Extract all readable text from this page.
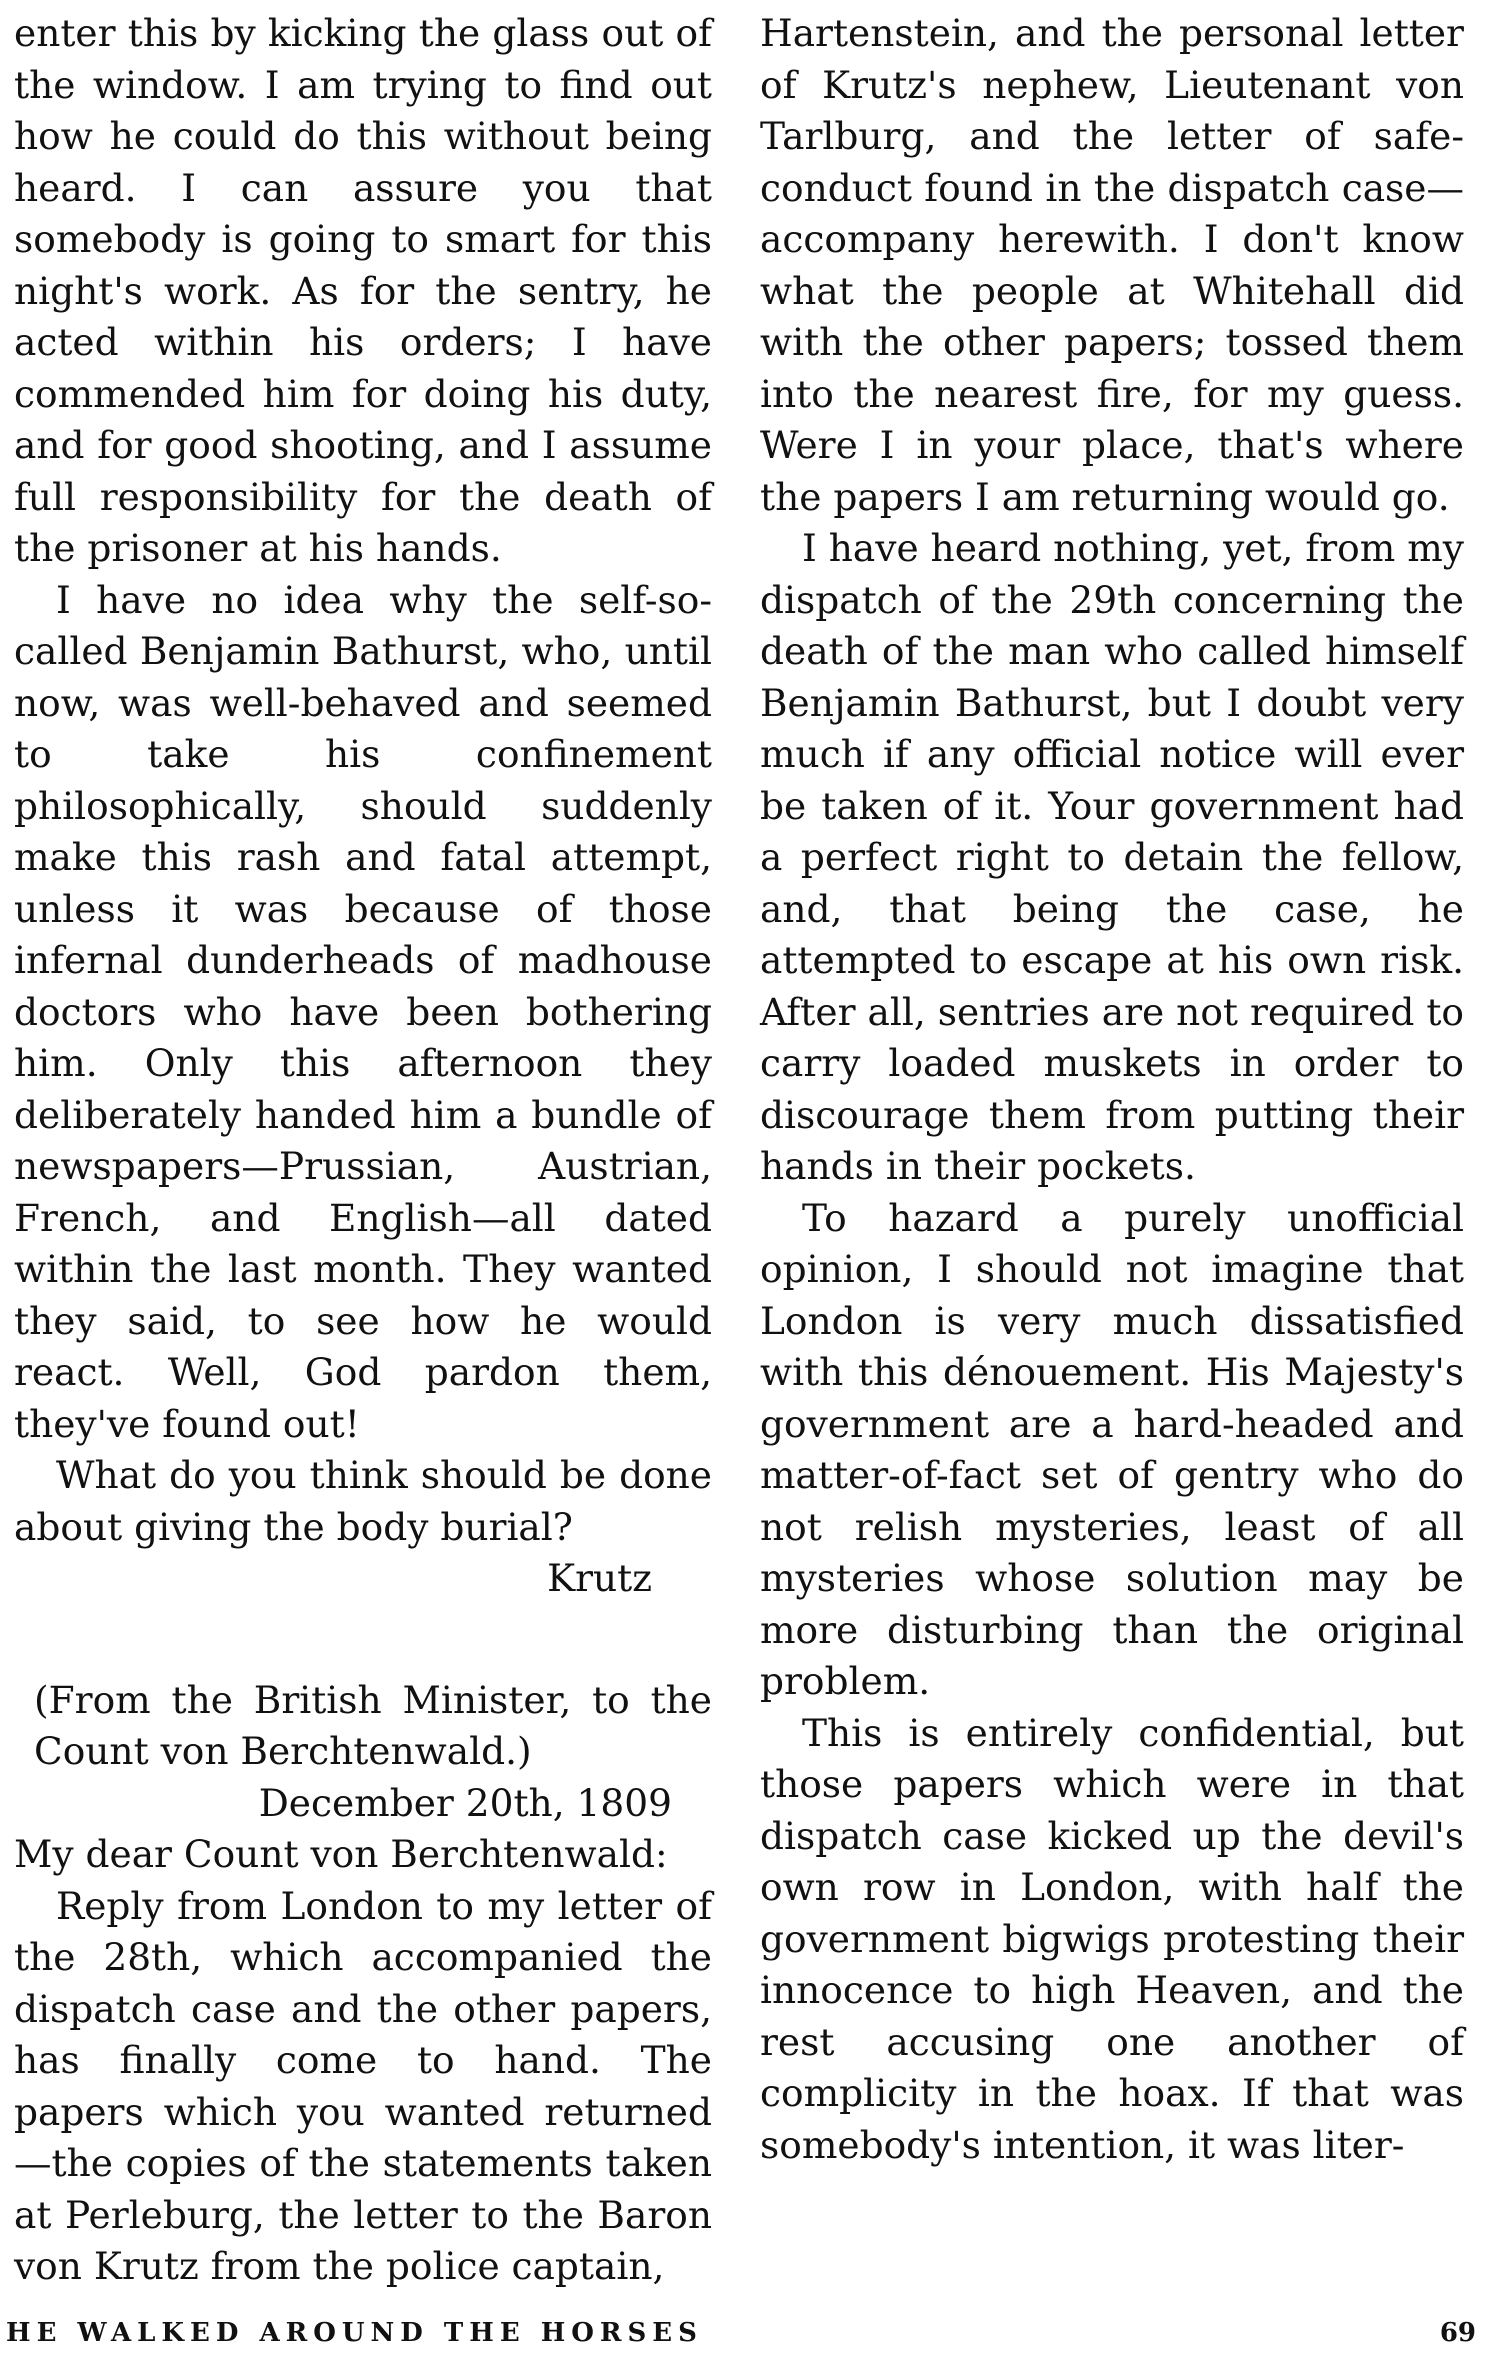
enter this by kicking the glass out of the window. I am trying to find out how he could do this without being heard. I can assure you that somebody is going to smart for this night's work. As for the sentry, he acted within his orders; I have commended him for doing his duty, and for good shooting, and I assume full responsibility for the death of the prisoner at his hands.

I have no idea why the self-so-called Benjamin Bathurst, who, until now, was well-behaved and seemed to take his confinement philosophically, should suddenly make this rash and fatal attempt, unless it was because of those infernal dunderheads of madhouse doctors who have been bothering him. Only this afternoon they deliberately handed him a bundle of newspapers—Prussian, Austrian, French, and English—all dated within the last month. They wanted they said, to see how he would react. Well, God pardon them, they've found out!

What do you think should be done about giving the body burial?

Krutz

(From the British Minister, to the Count von Berchtenwald.)

December 20th, 1809

My dear Count von Berchtenwald:

Reply from London to my letter of the 28th, which accompanied the dispatch case and the other papers, has finally come to hand. The papers which you wanted returned—the copies of the statements taken at Perleburg, the letter to the Baron von Krutz from the police captain,

Hartenstein, and the personal letter of Krutz's nephew, Lieutenant von Tarlburg, and the letter of safe-conduct found in the dispatch case—accompany herewith. I don't know what the people at Whitehall did with the other papers; tossed them into the nearest fire, for my guess. Were I in your place, that's where the papers I am returning would go.

I have heard nothing, yet, from my dispatch of the 29th concerning the death of the man who called himself Benjamin Bathurst, but I doubt very much if any official notice will ever be taken of it. Your government had a perfect right to detain the fellow, and, that being the case, he attempted to escape at his own risk. After all, sentries are not required to carry loaded muskets in order to discourage them from putting their hands in their pockets.

To hazard a purely unofficial opinion, I should not imagine that London is very much dissatisfied with this dénouement. His Majesty's government are a hard-headed and matter-of-fact set of gentry who do not relish mysteries, least of all mysteries whose solution may be more disturbing than the original problem.

This is entirely confidential, but those papers which were in that dispatch case kicked up the devil's own row in London, with half the government bigwigs protesting their innocence to high Heaven, and the rest accusing one another of complicity in the hoax. If that was somebody's intention, it was liter-

HE WALKED AROUND THE HORSES	69
